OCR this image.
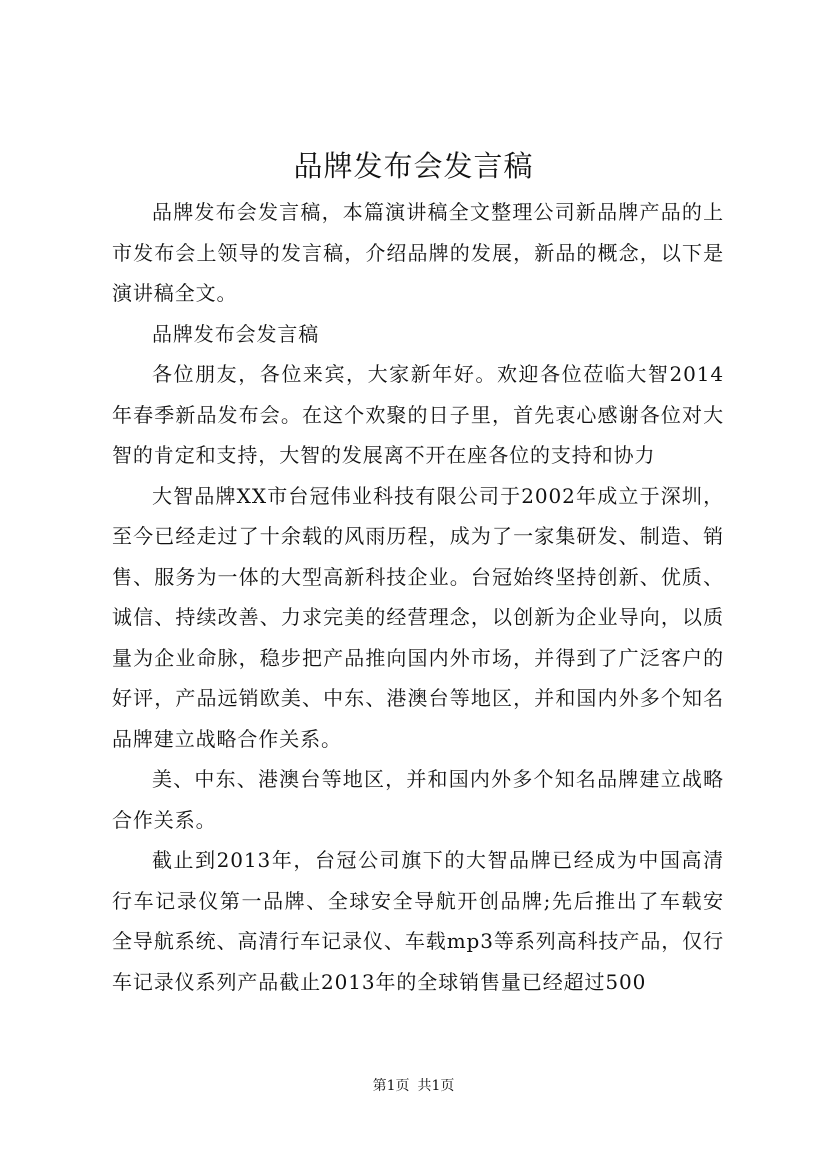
品牌发布会发言稿

品牌发布会发言稿，本篇演讲稿全文整理公司新品牌产品的上市发布会上领导的发言稿，介绍品牌的发展，新品的概念，以下是演讲稿全文。

品牌发布会发言稿

各位朋友，各位来宾，大家新年好。欢迎各位莅临大智2014年春季新品发布会。在这个欢聚的日子里，首先衷心感谢各位对大智的肯定和支持，大智的发展离不开在座各位的支持和协力

大智品牌XX市台冠伟业科技有限公司于2002年成立于深圳，至今已经走过了十余载的风雨历程，成为了一家集研发、制造、销售、服务为一体的大型高新科技企业。台冠始终坚持创新、优质、诚信、持续改善、力求完美的经营理念，以创新为企业导向，以质量为企业命脉，稳步把产品推向国内外市场，并得到了广泛客户的好评，产品远销欧美、中东、港澳台等地区，并和国内外多个知名品牌建立战略合作关系。

美、中东、港澳台等地区，并和国内外多个知名品牌建立战略合作关系。

截止到2013年，台冠公司旗下的大智品牌已经成为中国高清行车记录仪第一品牌、全球安全导航开创品牌;先后推出了车载安全导航系统、高清行车记录仪、车载mp3等系列高科技产品，仅行车记录仪系列产品截止2013年的全球销售量已经超过500

第1页 共1页
